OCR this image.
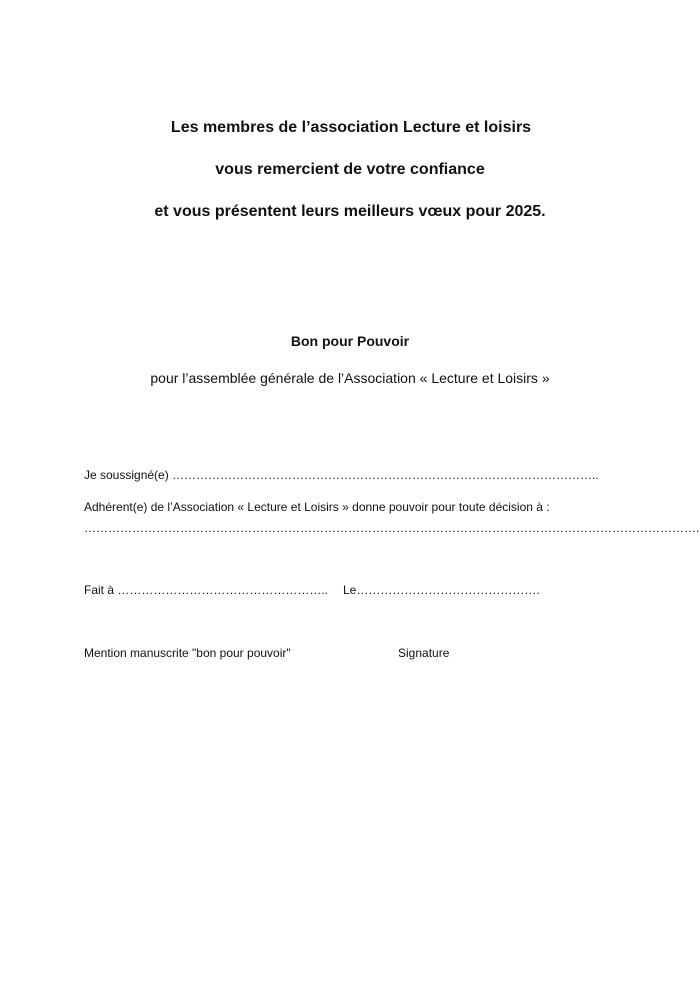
Les membres de l’association Lecture et loisirs
vous remercient de votre confiance
et vous présentent leurs meilleurs vœux pour 2025.
Bon pour Pouvoir
pour l’assemblée générale de l’Association « Lecture et Loisirs »
Je soussigné(e) ……………………………………………………………………………………………..
Adhérent(e) de l’Association « Lecture et Loisirs » donne pouvoir pour toute décision à :
……………………………………………………………………………………………………………………………………….
Fait à …………………………………………….. Le……………………………………….
Mention manuscrite "bon pour pouvoir"	Signature
